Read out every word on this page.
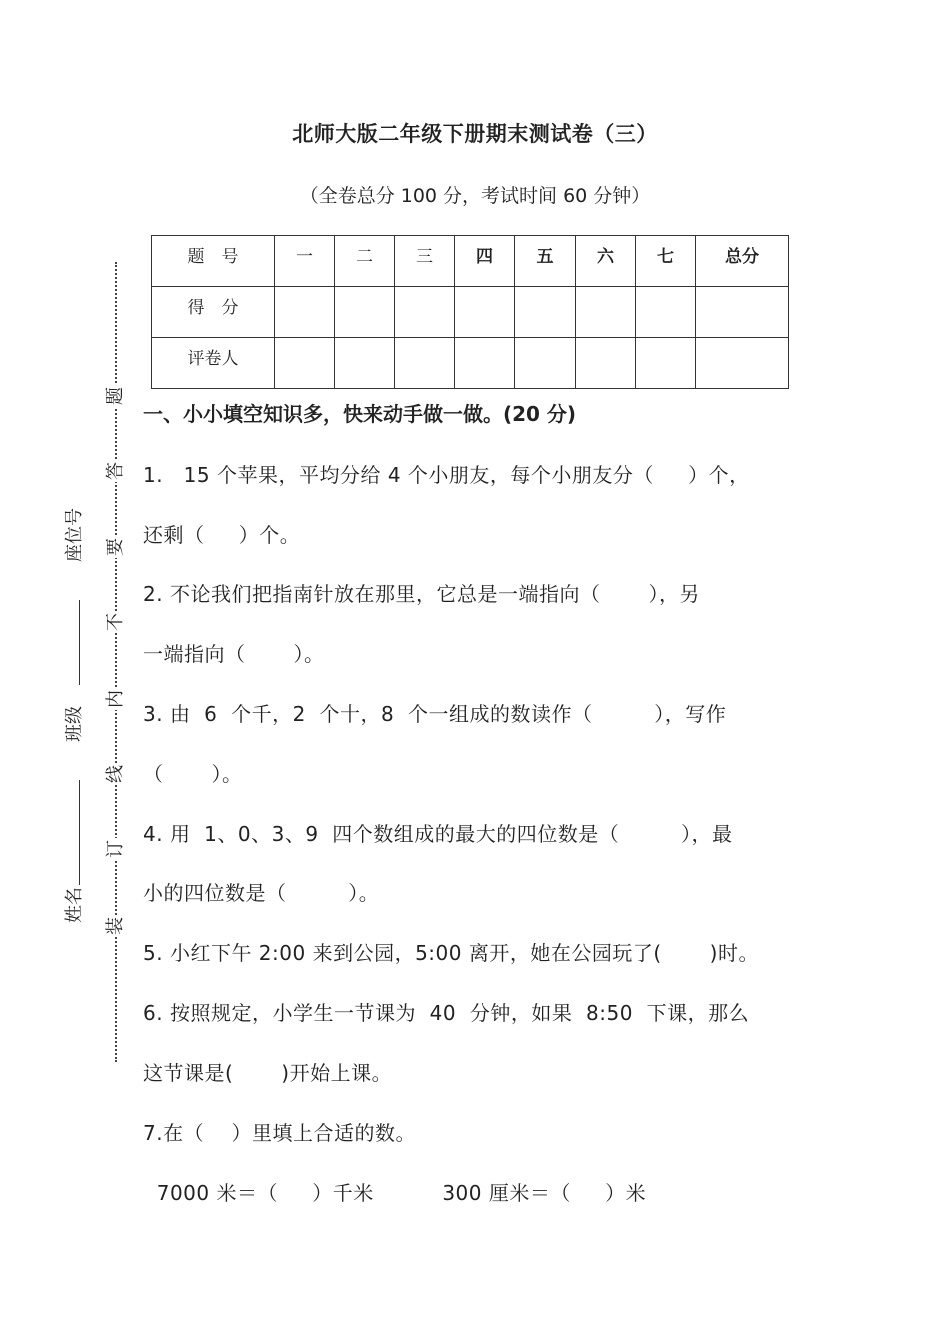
北师大版二年级下册期末测试卷（三）
（全卷总分 100 分，考试时间 60 分钟）
题　号	一	二	三	四	五	六	七	总分
得　分								
评卷人								
题
答
要
不
内
线
订
装
座位号
班级
姓名
一、小小填空知识多，快来动手做一做。(20 分)
1.   15 个苹果，平均分给 4 个小朋友，每个小朋友分（     ）个，
还剩（     ）个。
2. 不论我们把指南针放在那里，它总是一端指向（       ），另
一端指向（       ）。
3. 由  6  个千，2  个十，8  个一组成的数读作（         ），写作
（       ）。
4. 用  1、0、3、9  四个数组成的最大的四位数是（         ），最
小的四位数是（         ）。
5. 小红下午 2:00 来到公园，5:00 离开，她在公园玩了(       )时。
6. 按照规定，小学生一节课为  40  分钟，如果  8:50  下课，那么
这节课是(       )开始上课。
7.在（    ）里填上合适的数。
7000 米＝（     ）千米          300 厘米＝（     ）米
